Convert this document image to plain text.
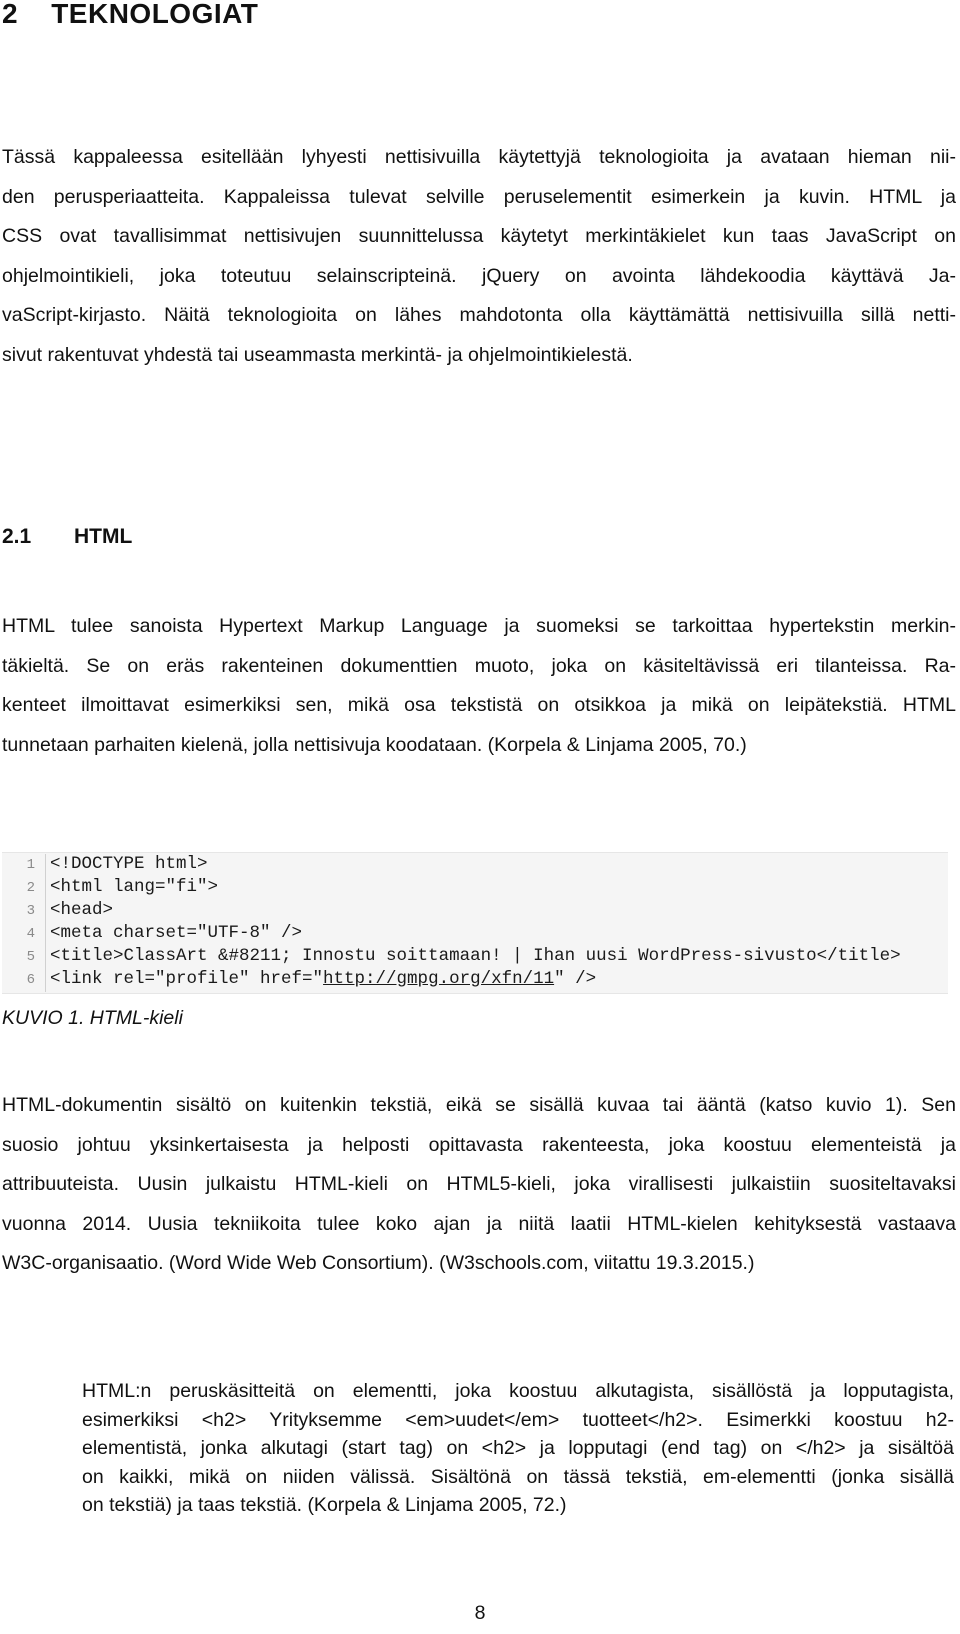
2 TEKNOLOGIAT
Tässä kappaleessa esitellään lyhyesti nettisivuilla käytettyjä teknologioita ja avataan hieman nii-
den perusperiaatteita. Kappaleissa tulevat selville peruselementit esimerkein ja kuvin. HTML ja
CSS ovat tavallisimmat nettisivujen suunnittelussa käytetyt merkintäkielet kun taas JavaScript on
ohjelmointikieli, joka toteutuu selainscripteinä. jQuery on avointa lähdekoodia käyttävä Ja-
vaScript-kirjasto. Näitä teknologioita on lähes mahdotonta olla käyttämättä nettisivuilla sillä netti-
sivut rakentuvat yhdestä tai useammasta merkintä- ja ohjelmointikielestä.
2.1 HTML
HTML tulee sanoista Hypertext Markup Language ja suomeksi se tarkoittaa hypertekstin merkin-
täkieltä. Se on eräs rakenteinen dokumenttien muoto, joka on käsiteltävissä eri tilanteissa. Ra-
kenteet ilmoittavat esimerkiksi sen, mikä osa tekstistä on otsikkoa ja mikä on leipätekstiä. HTML
tunnetaan parhaiten kielenä, jolla nettisivuja koodataan. (Korpela & Linjama 2005, 70.)
1 <!DOCTYPE html>
2 <html lang="fi">
3 <head>
4 <meta charset="UTF-8" />
5 <title>ClassArt &#8211; Innostu soittamaan! | Ihan uusi WordPress-sivusto</title>
6 <link rel="profile" href="http://gmpg.org/xfn/11" />

KUVIO 1. HTML-kieli

HTML-dokumentin sisältö on kuitenkin tekstiä, eikä se sisällä kuvaa tai ääntä (katso kuvio 1). Sen
suosio johtuu yksinkertaisesta ja helposti opittavasta rakenteesta, joka koostuu elementeistä ja
attribuuteista. Uusin julkaistu HTML-kieli on HTML5-kieli, joka virallisesti julkaistiin suositeltavaksi
vuonna 2014. Uusia tekniikoita tulee koko ajan ja niitä laatii HTML-kielen kehityksestä vastaava
W3C-organisaatio. (Word Wide Web Consortium). (W3schools.com, viitattu 19.3.2015.)
HTML:n peruskäsitteitä on elementti, joka koostuu alkutagista, sisällöstä ja lopputagista,
esimerkiksi <h2> Yrityksemme <em>uudet</em> tuotteet</h2>. Esimerkki koostuu h2-
elementistä, jonka alkutagi (start tag) on <h2> ja lopputagi (end tag) on </h2> ja sisältöä
on kaikki, mikä on niiden välissä. Sisältönä on tässä tekstiä, em-elementti (jonka sisällä
on tekstiä) ja taas tekstiä. (Korpela & Linjama 2005, 72.)

8
